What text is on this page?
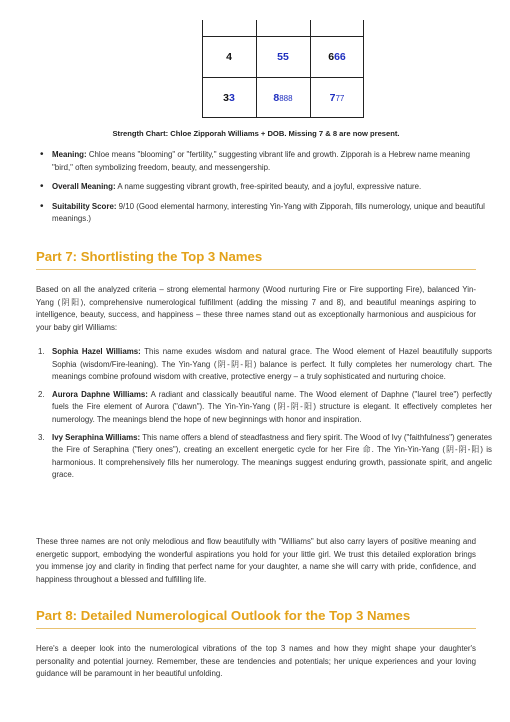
4	55	6 66
3 3	8 888	7 77
Strength Chart: Chloe Zipporah Williams + DOB. Missing 7 & 8 are now present.
• Meaning: Chloe means "blooming" or "fertility," suggesting vibrant life and growth. Zipporah is a Hebrew name meaning "bird," often symbolizing freedom, beauty, and messengership.
• Overall Meaning: A name suggesting vibrant growth, free-spirited beauty, and a joyful, expressive nature.
• Suitability Score: 9/10 (Good elemental harmony, interesting Yin-Yang with Zipporah, fills numerology, unique and beautiful meanings.)
Part 7: Shortlisting the Top 3 Names

Based on all the analyzed criteria – strong elemental harmony (Wood nurturing Fire or Fire supporting Fire), balanced Yin-Yang (阴阳), comprehensive numerological fulfillment (adding the missing 7 and 8), and beautiful meanings aspiring to intelligence, beauty, success, and happiness – these three names stand out as exceptionally harmonious and auspicious for your baby girl Williams:

1. Sophia Hazel Williams: This name exudes wisdom and natural grace. The Wood element of Hazel beautifully supports Sophia (wisdom/Fire-leaning). The Yin-Yang (阴-阴-阳) balance is perfect. It fully completes her numerology chart. The meanings combine profound wisdom with creative, protective energy – a truly sophisticated and nurturing choice.
2. Aurora Daphne Williams: A radiant and classically beautiful name. The Wood element of Daphne ("laurel tree") perfectly fuels the Fire element of Aurora ("dawn"). The Yin-Yin-Yang (阴-阴-阳) structure is elegant. It effectively completes her numerology. The meanings blend the hope of new beginnings with honor and inspiration.
3. Ivy Seraphina Williams: This name offers a blend of steadfastness and fiery spirit. The Wood of Ivy ("faithfulness") generates the Fire of Seraphina ("fiery ones"), creating an excellent energetic cycle for her Fire 命. The Yin-Yin-Yang (阴-阴-阳) is harmonious. It comprehensively fills her numerology. The meanings suggest enduring growth, passionate spirit, and angelic grace.

These three names are not only melodious and flow beautifully with "Williams" but also carry layers of positive meaning and energetic support, embodying the wonderful aspirations you hold for your little girl. We trust this detailed exploration brings you immense joy and clarity in finding that perfect name for your daughter, a name she will carry with pride, confidence, and happiness throughout a blessed and fulfilling life.

Part 8: Detailed Numerological Outlook for the Top 3 Names

Here's a deeper look into the numerological vibrations of the top 3 names and how they might shape your daughter's personality and potential journey. Remember, these are tendencies and potentials; her unique experiences and your loving guidance will be paramount in her beautiful unfolding.
